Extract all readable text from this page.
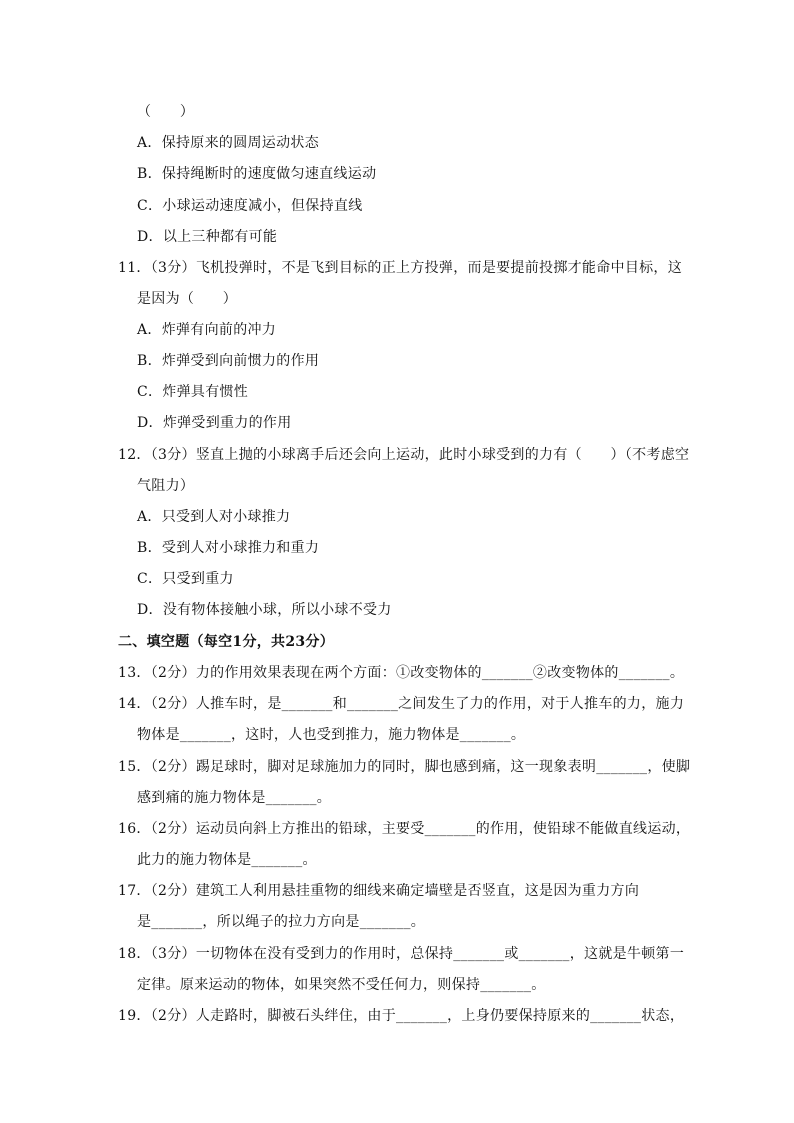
（　　）
A．保持原来的圆周运动状态
B．保持绳断时的速度做匀速直线运动
C．小球运动速度减小，但保持直线
D．以上三种都有可能
11．（3分）飞机投弹时，不是飞到目标的正上方投弹，而是要提前投掷才能命中目标，这
是因为（　　）
A．炸弹有向前的冲力
B．炸弹受到向前惯力的作用
C．炸弹具有惯性
D．炸弹受到重力的作用
12．（3分）竖直上抛的小球离手后还会向上运动，此时小球受到的力有（　　）（不考虑空
气阻力）
A．只受到人对小球推力
B．受到人对小球推力和重力
C．只受到重力
D．没有物体接触小球，所以小球不受力
二、填空题（每空1分，共23分）
13．（2分）力的作用效果表现在两个方面：①改变物体的_______②改变物体的_______。
14．（2分）人推车时，是_______和_______之间发生了力的作用，对于人推车的力，施力
物体是_______，这时，人也受到推力，施力物体是_______。
15．（2分）踢足球时，脚对足球施加力的同时，脚也感到痛，这一现象表明_______，使脚
感到痛的施力物体是_______。
16．（2分）运动员向斜上方推出的铅球，主要受_______的作用，使铅球不能做直线运动，
此力的施力物体是_______。
17．（2分）建筑工人利用悬挂重物的细线来确定墙壁是否竖直，这是因为重力方向
是_______，所以绳子的拉力方向是_______。
18．（3分）一切物体在没有受到力的作用时，总保持_______或_______，这就是牛顿第一
定律。原来运动的物体，如果突然不受任何力，则保持_______。
19．（2分）人走路时，脚被石头绊住，由于_______，上身仍要保持原来的_______状态，
